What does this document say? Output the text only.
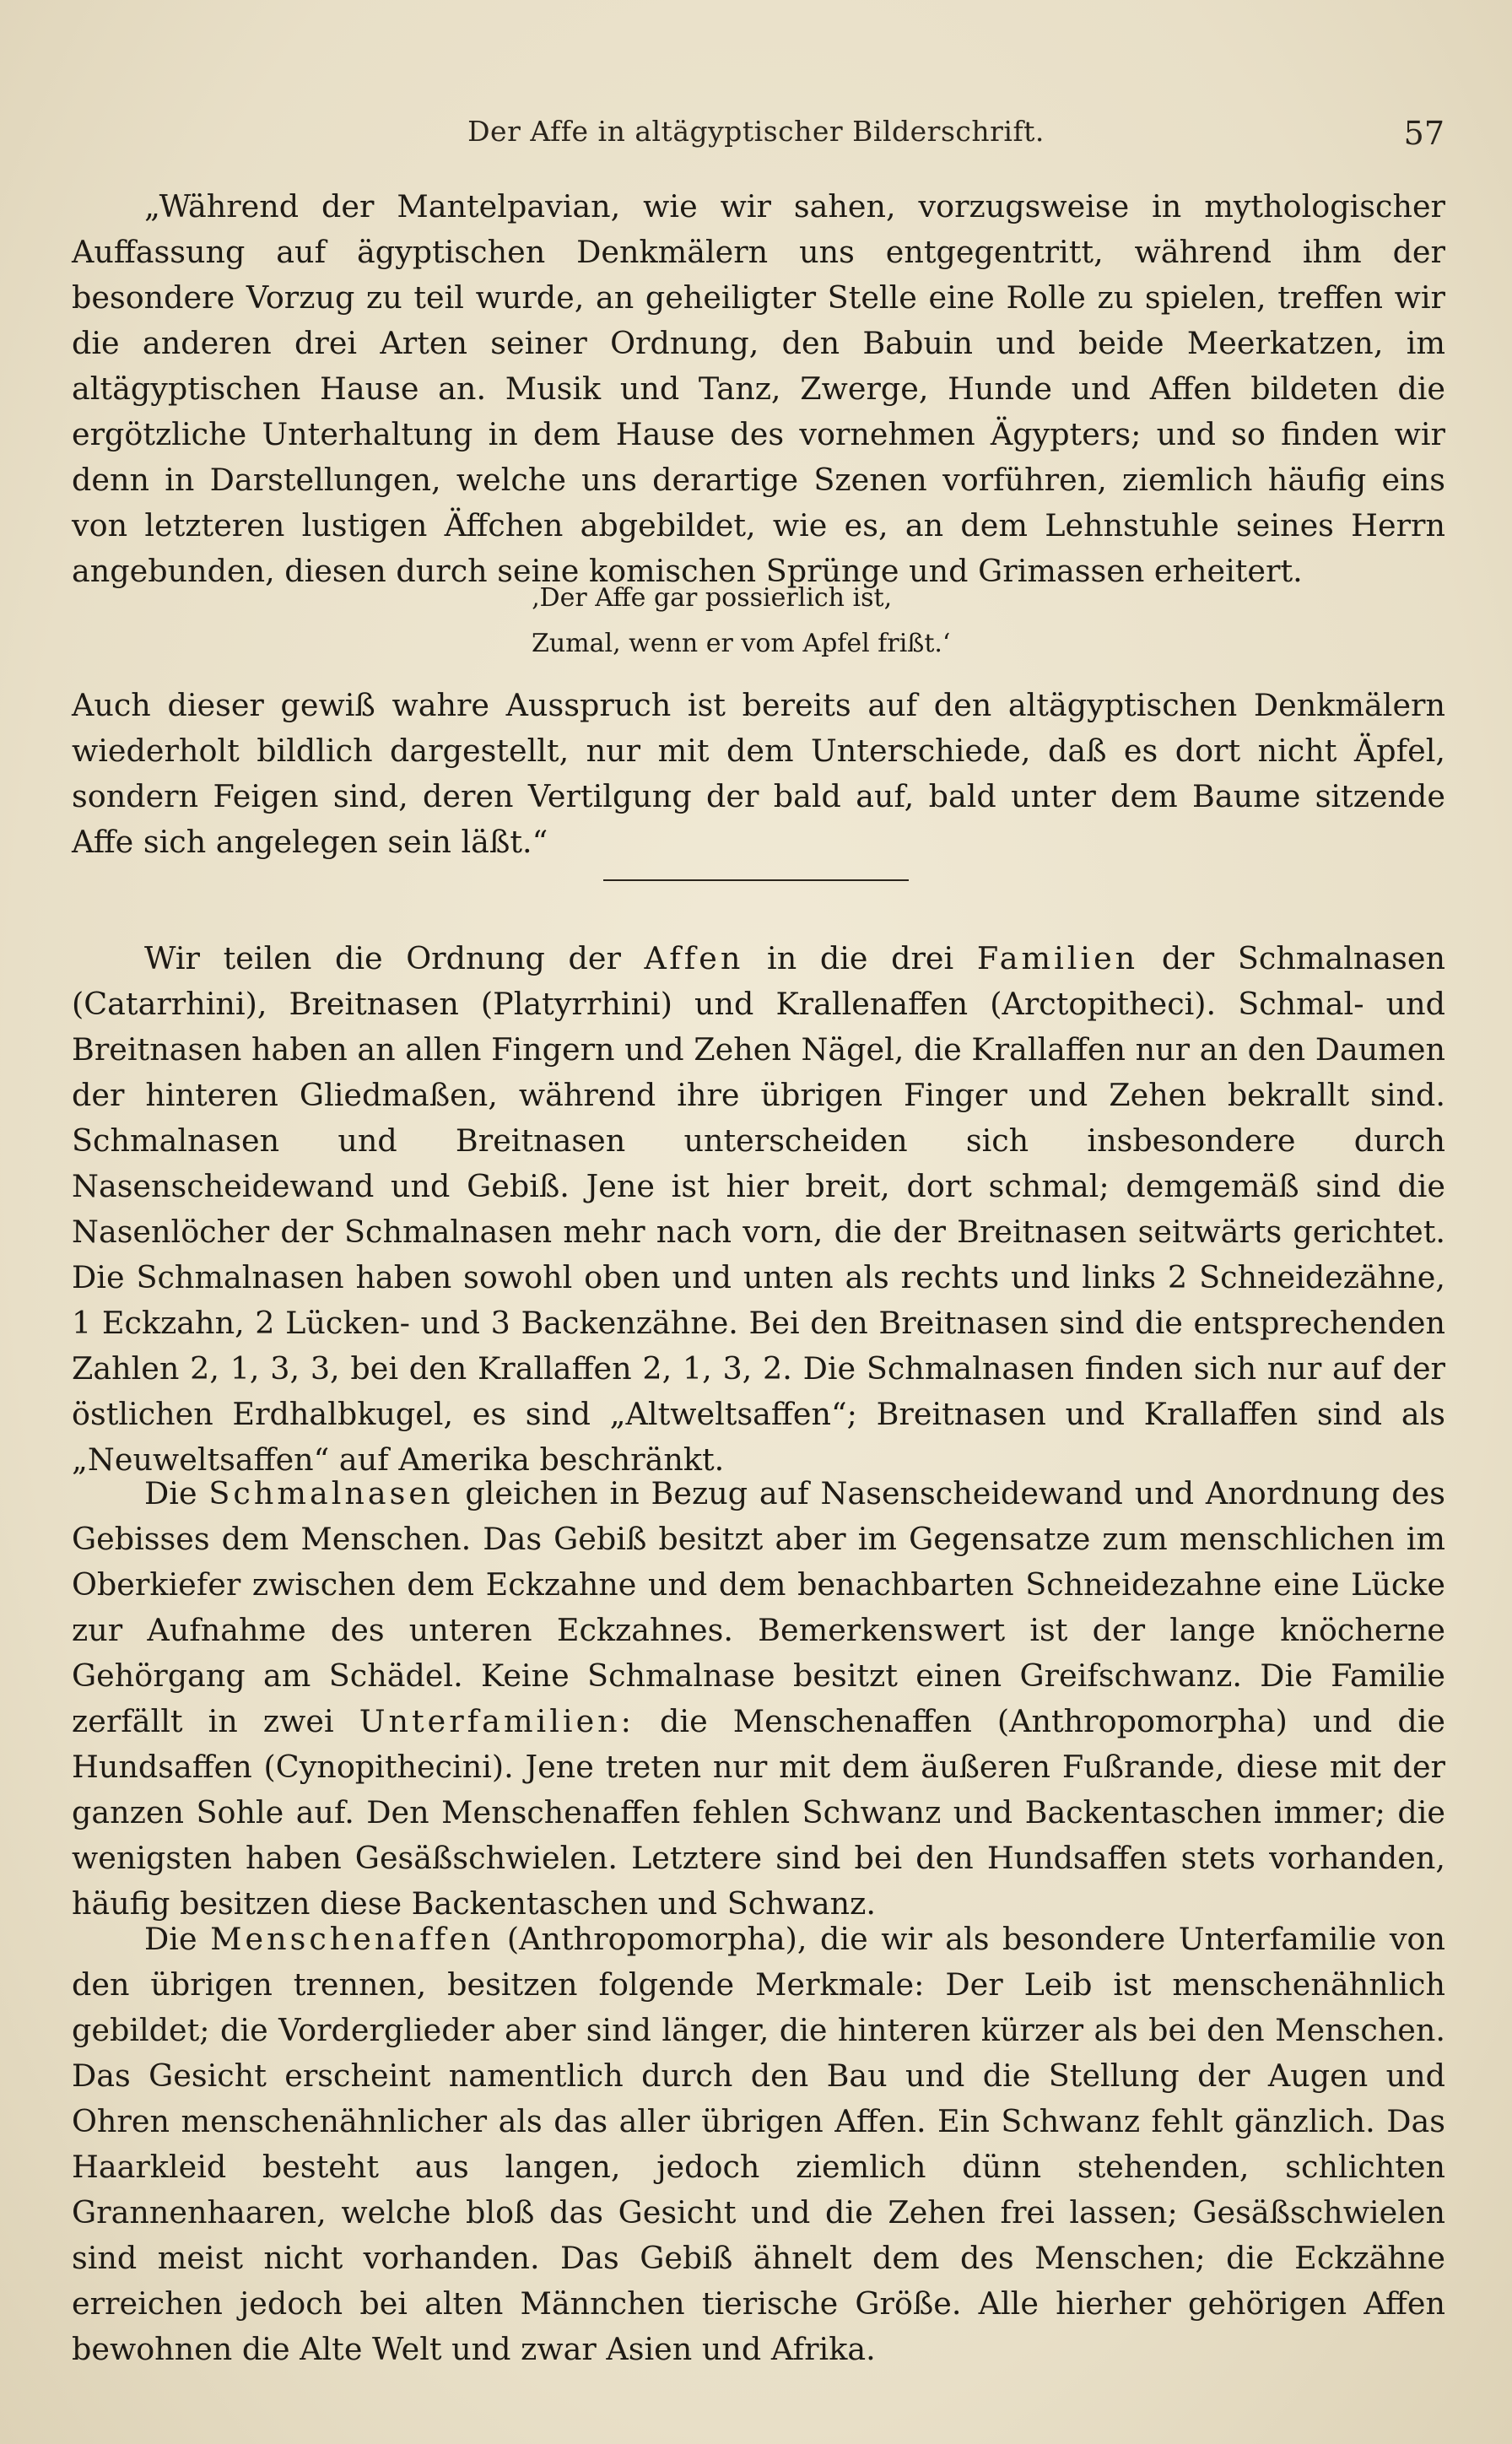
Der Affe in altägyptischer Bilderschrift.	57

„Während der Mantelpavian, wie wir sahen, vorzugsweise in mythologischer Auffassung auf ägyptischen Denkmälern uns entgegentritt, während ihm der besondere Vorzug zu teil wurde, an geheiligter Stelle eine Rolle zu spielen, treffen wir die anderen drei Arten seiner Ordnung, den Babuin und beide Meerkatzen, im altägyptischen Hause an. Musik und Tanz, Zwerge, Hunde und Affen bildeten die ergötzliche Unterhaltung in dem Hause des vornehmen Ägypters; und so finden wir denn in Darstellungen, welche uns derartige Szenen vorführen, ziemlich häufig eins von letzteren lustigen Äffchen abgebildet, wie es, an dem Lehnstuhle seines Herrn angebunden, diesen durch seine komischen Sprünge und Grimassen erheitert.

‚Der Affe gar possierlich ist,
Zumal, wenn er vom Apfel frißt.‘

Auch dieser gewiß wahre Ausspruch ist bereits auf den altägyptischen Denkmälern wiederholt bildlich dargestellt, nur mit dem Unterschiede, daß es dort nicht Äpfel, sondern Feigen sind, deren Vertilgung der bald auf, bald unter dem Baume sitzende Affe sich angelegen sein läßt.“

Wir teilen die Ordnung der Affen in die drei Familien der Schmalnasen (Catarrhini), Breitnasen (Platyrrhini) und Krallenaffen (Arctopitheci). Schmal- und Breitnasen haben an allen Fingern und Zehen Nägel, die Krallaffen nur an den Daumen der hinteren Gliedmaßen, während ihre übrigen Finger und Zehen bekrallt sind. Schmalnasen und Breitnasen unterscheiden sich insbesondere durch Nasenscheidewand und Gebiß. Jene ist hier breit, dort schmal; demgemäß sind die Nasenlöcher der Schmalnasen mehr nach vorn, die der Breitnasen seitwärts gerichtet. Die Schmalnasen haben sowohl oben und unten als rechts und links 2 Schneidezähne, 1 Eckzahn, 2 Lücken- und 3 Backenzähne. Bei den Breitnasen sind die entsprechenden Zahlen 2, 1, 3, 3, bei den Krallaffen 2, 1, 3, 2. Die Schmalnasen finden sich nur auf der östlichen Erdhalbkugel, es sind „Altweltsaffen“; Breitnasen und Krallaffen sind als „Neuweltsaffen“ auf Amerika beschränkt.

Die Schmalnasen gleichen in Bezug auf Nasenscheidewand und Anordnung des Gebisses dem Menschen. Das Gebiß besitzt aber im Gegensatze zum menschlichen im Oberkiefer zwischen dem Eckzahne und dem benachbarten Schneidezahne eine Lücke zur Aufnahme des unteren Eckzahnes. Bemerkenswert ist der lange knöcherne Gehörgang am Schädel. Keine Schmalnase besitzt einen Greifschwanz. Die Familie zerfällt in zwei Unterfamilien: die Menschenaffen (Anthropomorpha) und die Hundsaffen (Cynopithecini). Jene treten nur mit dem äußeren Fußrande, diese mit der ganzen Sohle auf. Den Menschenaffen fehlen Schwanz und Backentaschen immer; die wenigsten haben Gesäßschwielen. Letztere sind bei den Hundsaffen stets vorhanden, häufig besitzen diese Backentaschen und Schwanz.

Die Menschenaffen (Anthropomorpha), die wir als besondere Unterfamilie von den übrigen trennen, besitzen folgende Merkmale: Der Leib ist menschenähnlich gebildet; die Vorderglieder aber sind länger, die hinteren kürzer als bei den Menschen. Das Gesicht erscheint namentlich durch den Bau und die Stellung der Augen und Ohren menschenähnlicher als das aller übrigen Affen. Ein Schwanz fehlt gänzlich. Das Haarkleid besteht aus langen, jedoch ziemlich dünn stehenden, schlichten Grannenhaaren, welche bloß das Gesicht und die Zehen frei lassen; Gesäßschwielen sind meist nicht vorhanden. Das Gebiß ähnelt dem des Menschen; die Eckzähne erreichen jedoch bei alten Männchen tierische Größe. Alle hierher gehörigen Affen bewohnen die Alte Welt und zwar Asien und Afrika.
